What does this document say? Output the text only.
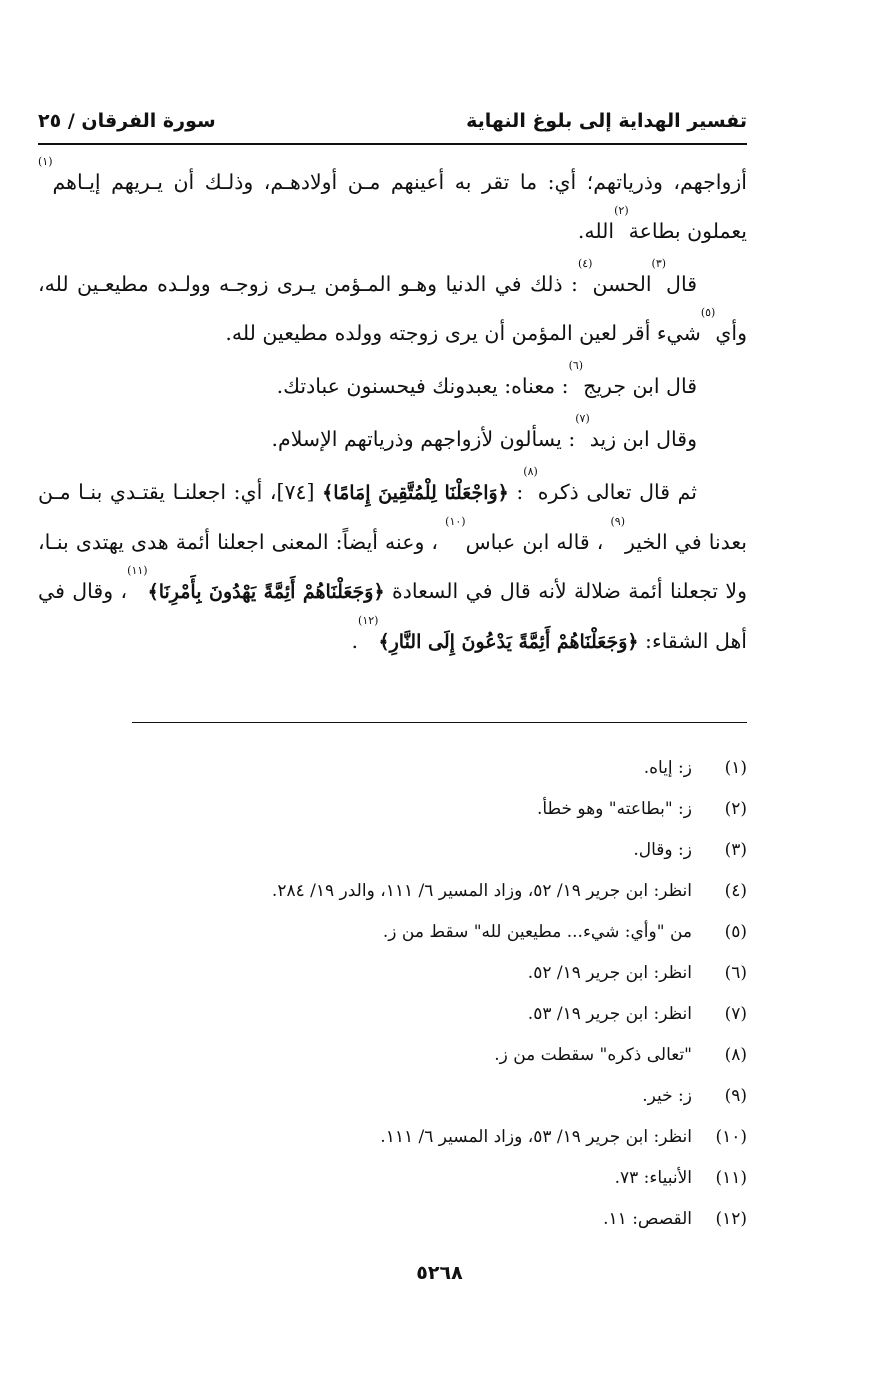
تفسير الهداية إلى بلوغ النهاية
سورة الفرقان / ٢٥

أزواجهم، وذرياتهم؛ أي: ما تقر به أعينهم مـن أولادهـم، وذلـك أن يـريهم إيـاهم$^{(١)}$ يعملون بطاعة$^{(٢)}$الله.

قال$^{(٣)}$الحسن$^{(٤)}$: ذلك في الدنيا وهـو المـؤمن يـرى زوجـه وولـده مطيعـين لله، وأي$^{(٥)}$شيء أقر لعين المؤمن أن يرى زوجته وولده مطيعين لله.

قال ابن جريج$^{(٦)}$: معناه: يعبدونك فيحسنون عبادتك.

وقال ابن زيد$^{(٧)}$: يسألون لأزواجهم وذرياتهم الإسلام.

ثم قال تعالى ذكره$^{(٨)}$: ﴿وَاجْعَلْنَا لِلْمُتَّقِينَ إِمَامًا﴾ [٧٤]، أي: اجعلنـا يقتـدي بنـا مـن بعدنا في الخير$^{(٩)}$ ، قاله ابن عباس$^{(١٠)}$ ، وعنه أيضاً: المعنى اجعلنا أئمة هدى يهتدى بنـا، ولا تجعلنا أئمة ضلالة لأنه قال في السعادة ﴿وَجَعَلْنَاهُمْ أَئِمَّةً يَهْدُونَ بِأَمْرِنَا﴾$^{(١١)}$، وقال في أهل الشقاء: ﴿وَجَعَلْنَاهُمْ أَئِمَّةً يَدْعُونَ إِلَى النَّارِ﴾$^{(١٢)}$.

(١)
ز: إياه.
(٢)
ز: "بطاعته" وهو خطأ.
(٣)
ز: وقال.
(٤)
انظر: ابن جرير ١٩/ ٥٢، وزاد المسير ٦/ ١١١، والدر ١٩/ ٢٨٤.
(٥)
من "وأي: شيء... مطيعين لله" سقط من ز.
(٦)
انظر: ابن جرير ١٩/ ٥٢.
(٧)
انظر: ابن جرير ١٩/ ٥٣.
(٨)
"تعالى ذكره" سقطت من ز.
(٩)
ز: خير.
(١٠)
انظر: ابن جرير ١٩/ ٥٣، وزاد المسير ٦/ ١١١.
(١١)
الأنبياء: ٧٣.
(١٢)
القصص: ١١.
٥٢٦٨
